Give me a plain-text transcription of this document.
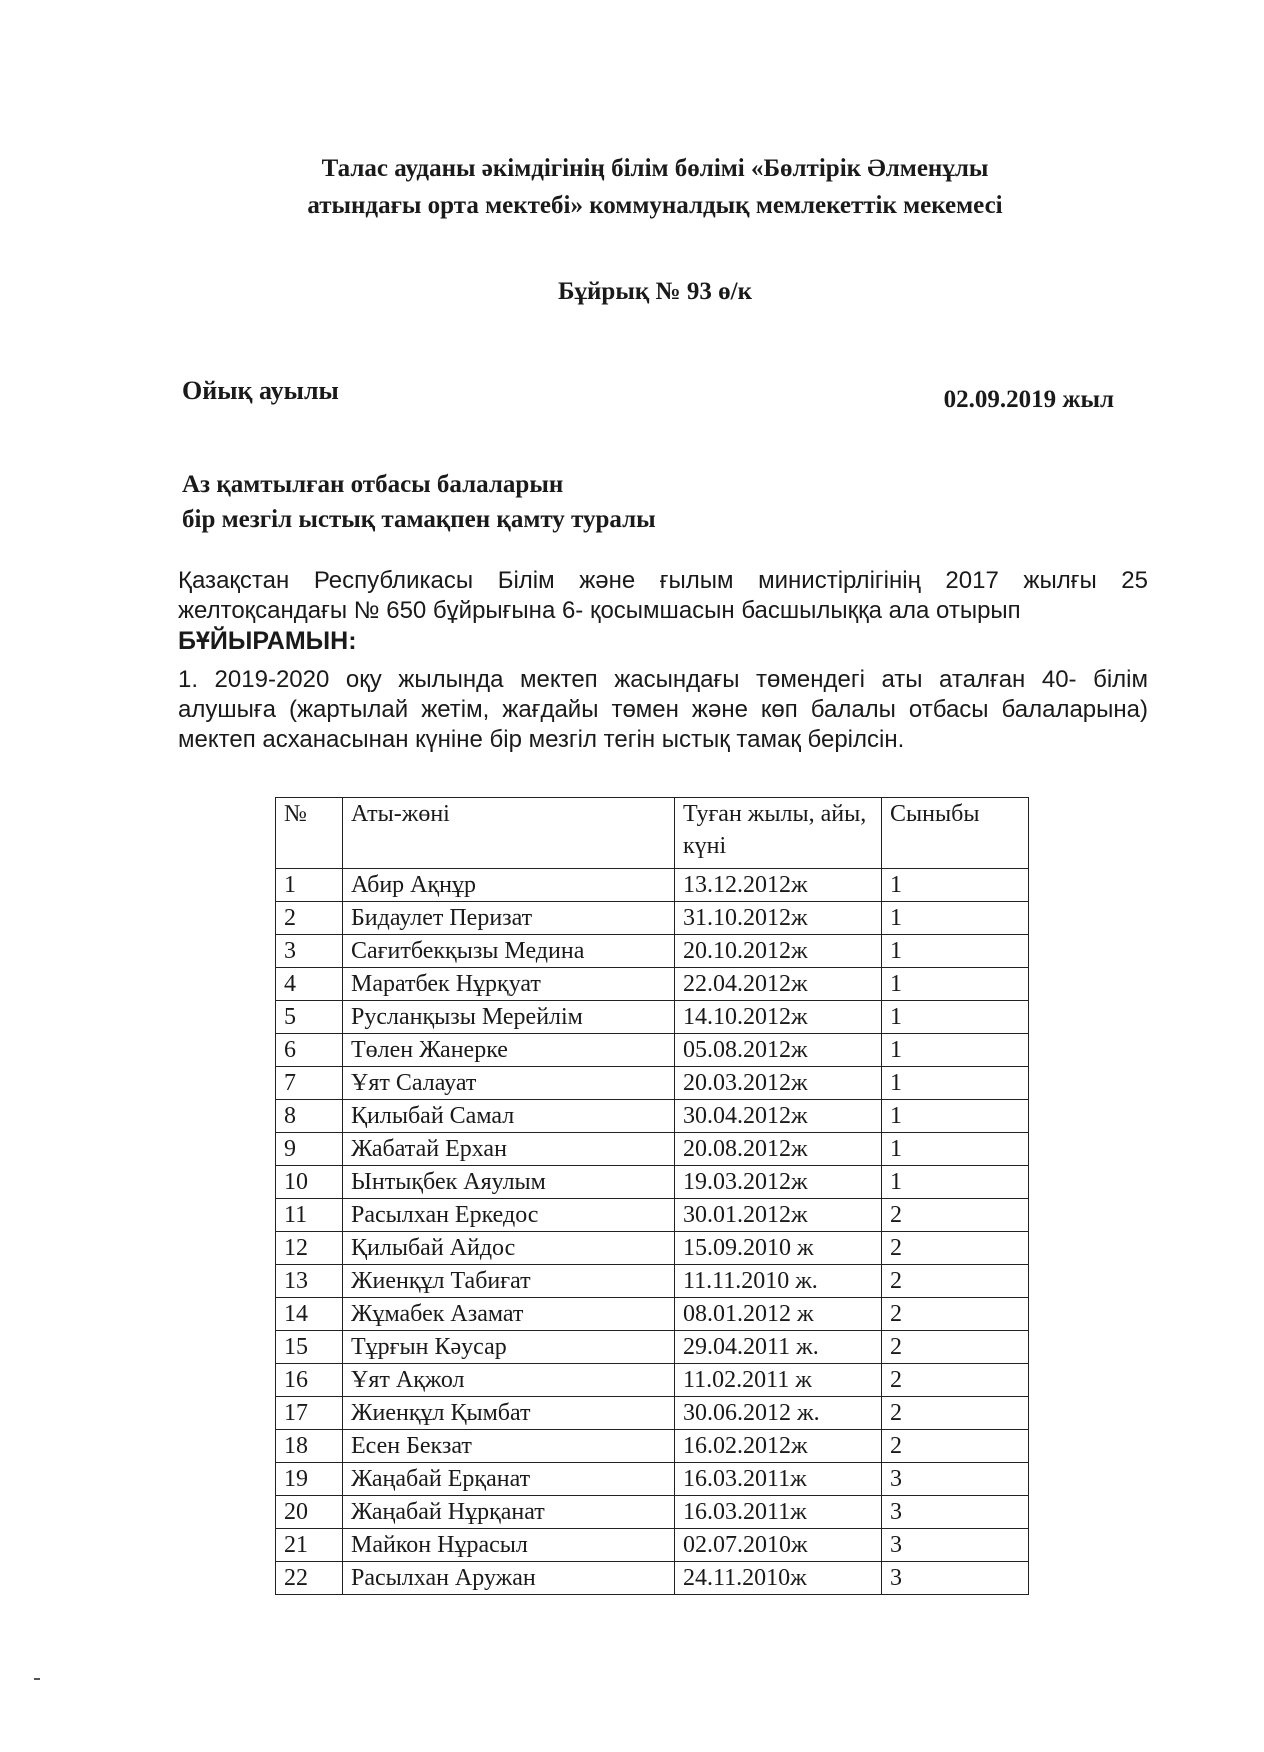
Талас ауданы әкімдігінің білім бөлімі «Бөлтірік Әлменұлы
атындағы орта мектебі» коммуналдық мемлекеттік мекемесі
Бұйрық № 93 ө/к
Ойық ауылы	02.09.2019 жыл
Аз қамтылған отбасы балаларын
бір мезгіл ыстық тамақпен қамту туралы
Қазақстан Республикасы Білім және ғылым министірлігінің 2017 жылғы 25 желтоқсандағы № 650 бұйрығына 6- қосымшасын басшылыққа ала отырып
БҰЙЫРАМЫН:
1. 2019-2020 оқу жылында мектеп жасындағы төмендегі аты аталған 40- білім алушыға (жартылай жетім, жағдайы төмен және көп балалы отбасы балаларына) мектеп асханасынан күніне бір мезгіл тегін ыстық тамақ берілсін.
№	Аты-жөні	Туған жылы, айы, күні	Сыныбы
1	Абир Ақнұр	13.12.2012ж	1
2	Бидаулет Перизат	31.10.2012ж	1
3	Сағитбекқызы Медина	20.10.2012ж	1
4	Маратбек Нұрқуат	22.04.2012ж	1
5	Русланқызы Мерейлім	14.10.2012ж	1
6	Төлен Жанерке	05.08.2012ж	1
7	Ұят Салауат	20.03.2012ж	1
8	Қилыбай Самал	30.04.2012ж	1
9	Жабатай Ерхан	20.08.2012ж	1
10	Ынтықбек Аяулым	19.03.2012ж	1
11	Расылхан Еркедос	30.01.2012ж	2
12	Қилыбай Айдос	15.09.2010 ж	2
13	Жиенқұл Табиғат	11.11.2010 ж.	2
14	Жұмабек Азамат	08.01.2012 ж	2
15	Тұрғын Кәусар	29.04.2011 ж.	2
16	Ұят Ақжол	11.02.2011 ж	2
17	Жиенқұл Қымбат	30.06.2012 ж.	2
18	Есен Бекзат	16.02.2012ж	2
19	Жаңабай Ерқанат	16.03.2011ж	3
20	Жаңабай Нұрқанат	16.03.2011ж	3
21	Майкон Нұрасыл	02.07.2010ж	3
22	Расылхан Аружан	24.11.2010ж	3
